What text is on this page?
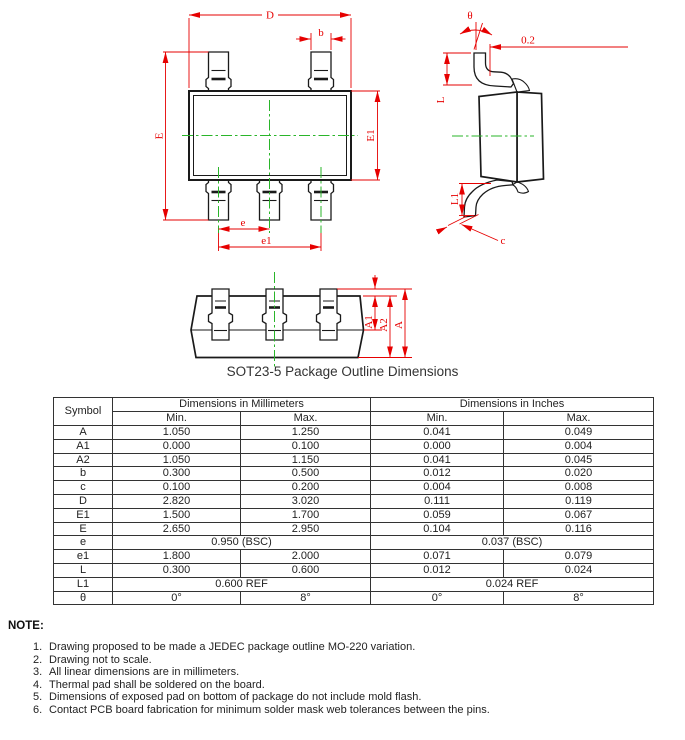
D
b
E	E1
e
e1
θ
0.2
L
L1
c
A1 A2 A
SOT23-5 Package Outline Dimensions
Symbol	Dimensions in Millimeters		Dimensions in Inches	
	Min.	Max.	Min.	Max.
A	1.050	1.250	0.041	0.049
A1	0.000	0.100	0.000	0.004
A2	1.050	1.150	0.041	0.045
b	0.300	0.500	0.012	0.020
c	0.100	0.200	0.004	0.008
D	2.820	3.020	0.111	0.119
E1	1.500	1.700	0.059	0.067
E	2.650	2.950	0.104	0.116
e	0.950 (BSC)		0.037 (BSC)	
e1	1.800	2.000	0.071	0.079
L	0.300	0.600	0.012	0.024
L1	0.600 REF		0.024 REF	
θ	0°	8°	0°	8°
NOTE:
1. Drawing proposed to be made a JEDEC package outline MO-220 variation.
2. Drawing not to scale.
3. All linear dimensions are in millimeters.
4. Thermal pad shall be soldered on the board.
5. Dimensions of exposed pad on bottom of package do not include mold flash.
6. Contact PCB board fabrication for minimum solder mask web tolerances between the pins.
